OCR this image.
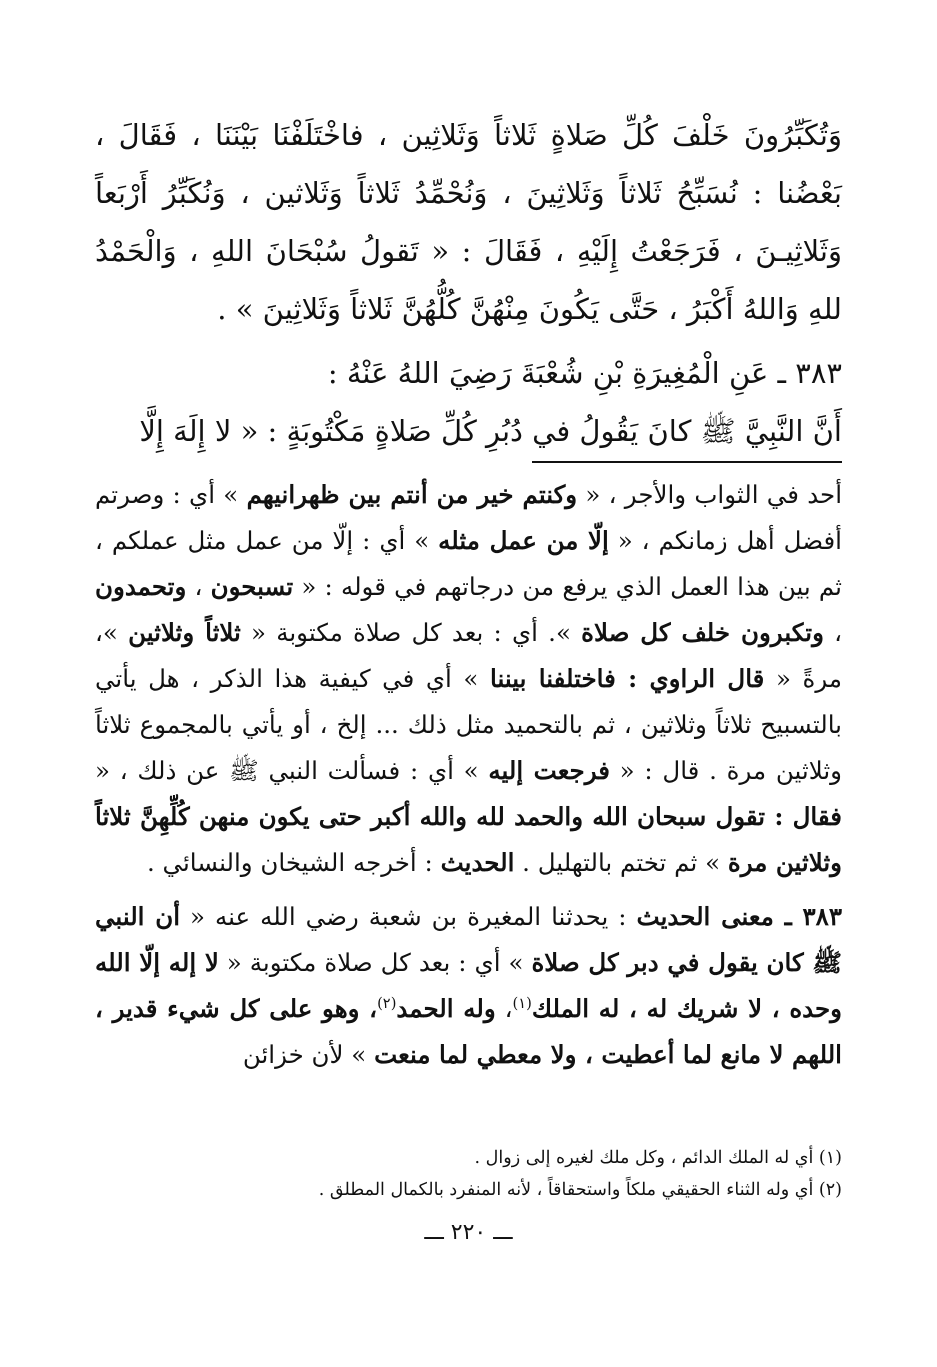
وَتُكَبِّرُونَ خَلْفَ كُلِّ صَلاةٍ ثَلاثاً وَثَلاثِين ، فاخْتَلَفْنَا بَيْنَنَا ، فَقَالَ ، بَعْضُنا : نُسَبِّحُ ثَلاثاً وَثَلاثِينَ ، وَنُحْمِّدُ ثَلاثاً وَثَلاثين ، وَنُكَبِّرُ أَرْبَعاً وَثَلاثِيـنَ ، فَرَجَعْتُ إِلَيْهِ ، فَقَالَ : « تَقولُ سُبْحَانَ اللهِ ، وَالْحَمْدُ للهِ وَاللهُ أَكْبَرُ ، حَتَّى يَكُونَ مِنْهُنَّ كُلُّهُنَّ ثَلاثاً وَثَلاثِينَ » .

٣٨٣ ـ عَنِ الْمُغِيرَةِ بْنِ شُعْبَةَ رَضِيَ اللهُ عَنْهُ :

أَنَّ النَّبِيَّ ﷺ كانَ يَقُولُ في دُبُرِ كُلِّ صَلاةٍ مَكْتُوبَةٍ : « لا إِلَهَ إِلَّا

أحد في الثواب والأجر ، « وكنتم خير من أنتم بين ظهرانيهم » أي : وصرتم أفضل أهل زمانكم ، « إلّا من عمل مثله » أي : إلّا من عمل مثل عملكم ، ثم بين هذا العمل الذي يرفع من درجاتهم في قوله : « تسبحون ، وتحمدون ، وتكبرون خلف كل صلاة ». أي : بعد كل صلاة مكتوبة « ثلاثاً وثلاثين »، مرةً « قال الراوي : فاختلفنا بيننا » أي في كيفية هذا الذكر ، هل يأتي بالتسبيح ثلاثاً وثلاثين ، ثم بالتحميد مثل ذلك ... إلخ ، أو يأتي بالمجموع ثلاثاً وثلاثين مرة . قال : « فرجعت إليه » أي : فسألت النبي ﷺ عن ذلك ، « فقال : تقول سبحان الله والحمد لله والله أكبر حتى يكون منهن كُلِّهِنَّ ثلاثاً وثلاثين مرة » ثم تختم بالتهليل . الحديث : أخرجه الشيخان والنسائي .

٣٨٣ ـ معنى الحديث : يحدثنا المغيرة بن شعبة رضي الله عنه « أن النبي ﷺ كان يقول في دبر كل صلاة » أي : بعد كل صلاة مكتوبة « لا إله إلّا الله وحده ، لا شريك له ، له الملك$^{(١)}$، وله الحمد$^{(٢)}$، وهو على كل شيء قدير ، اللهم لا مانع لما أعطيت ، ولا معطي لما منعت » لأن خزائن

(١) أي له الملك الدائم ، وكل ملك لغيره إلى زوال .

(٢) أي وله الثناء الحقيقي ملكاً واستحقاقاً ، لأنه المنفرد بالكمال المطلق .

ـــ ٢٢٠ ـــ
